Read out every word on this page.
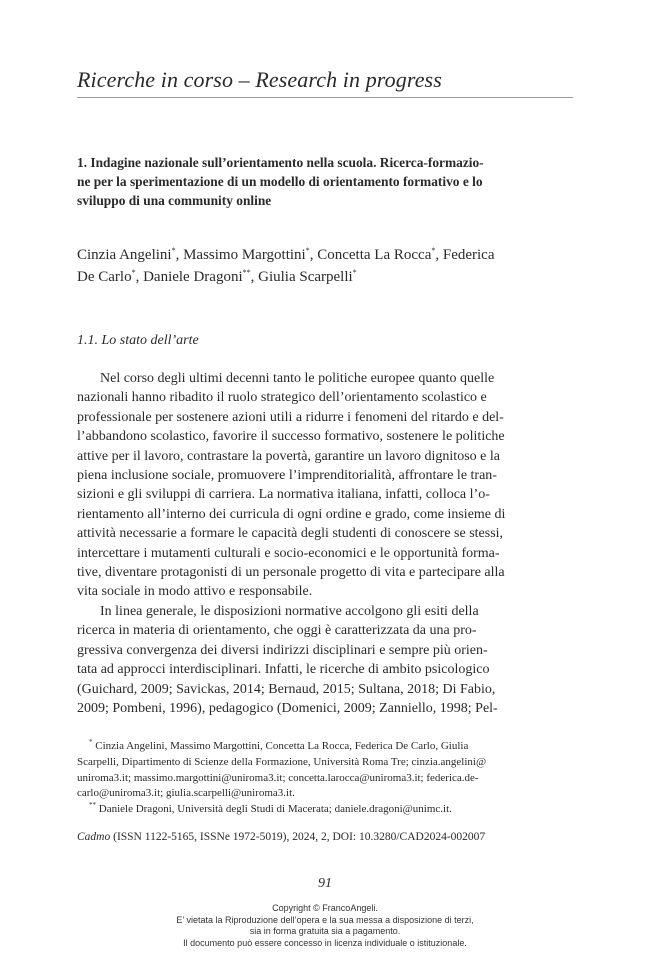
Ricerche in corso – Research in progress
1. Indagine nazionale sull’orientamento nella scuola. Ricerca-formazio-
ne per la sperimentazione di un modello di orientamento formativo e lo
sviluppo di una community online
Cinzia Angelini*, Massimo Margottini*, Concetta La Rocca*, Federica
De Carlo*, Daniele Dragoni**, Giulia Scarpelli*
1.1. Lo stato dell’arte
Nel corso degli ultimi decenni tanto le politiche europee quanto quelle
nazionali hanno ribadito il ruolo strategico dell’orientamento scolastico e
professionale per sostenere azioni utili a ridurre i fenomeni del ritardo e del-
l’abbandono scolastico, favorire il successo formativo, sostenere le politiche
attive per il lavoro, contrastare la povertà, garantire un lavoro dignitoso e la
piena inclusione sociale, promuovere l’imprenditorialità, affrontare le tran-
sizioni e gli sviluppi di carriera. La normativa italiana, infatti, colloca l’o-
rientamento all’interno dei curricula di ogni ordine e grado, come insieme di
attività necessarie a formare le capacità degli studenti di conoscere se stessi,
intercettare i mutamenti culturali e socio-economici e le opportunità forma-
tive, diventare protagonisti di un personale progetto di vita e partecipare alla
vita sociale in modo attivo e responsabile.
In linea generale, le disposizioni normative accolgono gli esiti della
ricerca in materia di orientamento, che oggi è caratterizzata da una pro-
gressiva convergenza dei diversi indirizzi disciplinari e sempre più orien-
tata ad approcci interdisciplinari. Infatti, le ricerche di ambito psicologico
(Guichard, 2009; Savickas, 2014; Bernaud, 2015; Sultana, 2018; Di Fabio,
2009; Pombeni, 1996), pedagogico (Domenici, 2009; Zanniello, 1998; Pel-
* Cinzia Angelini, Massimo Margottini, Concetta La Rocca, Federica De Carlo, Giulia
Scarpelli, Dipartimento di Scienze della Formazione, Università Roma Tre; cinzia.angelini@
uniroma3.it; massimo.margottini@uniroma3.it; concetta.larocca@uniroma3.it; federica.de-
carlo@uniroma3.it; giulia.scarpelli@uniroma3.it.
** Daniele Dragoni, Università degli Studi di Macerata; daniele.dragoni@unimc.it.
Cadmo (ISSN 1122-5165, ISSNe 1972-5019), 2024, 2, DOI: 10.3280/CAD2024-002007
91
Copyright © FrancoAngeli.
E’ vietata la Riproduzione dell’opera e la sua messa a disposizione di terzi,
sia in forma gratuita sia a pagamento.
Il documento può essere concesso in licenza individuale o istituzionale.
